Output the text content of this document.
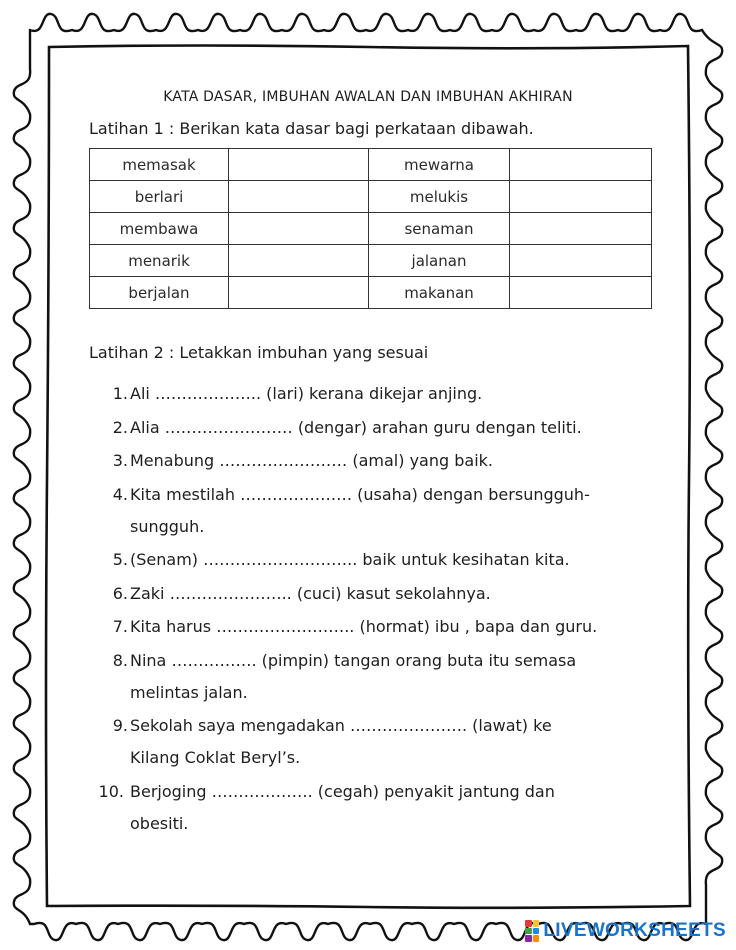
KATA DASAR, IMBUHAN AWALAN DAN IMBUHAN AKHIRAN
Latihan 1 : Berikan kata dasar bagi perkataan dibawah.
memasak		mewarna	
berlari		melukis	
membawa		senaman	
menarik		jalanan	
berjalan		makanan	
Latihan 2 : Letakkan imbuhan yang sesuai
1. Ali ……………….. (lari) kerana dikejar anjing.
2. Alia …………………… (dengar) arahan guru dengan teliti.
3. Menabung …………………… (amal) yang baik.
4. Kita mestilah ………………… (usaha) dengan bersungguh-
sungguh.
5. (Senam) ……………………….. baik untuk kesihatan kita.
6. Zaki ………………….. (cuci) kasut sekolahnya.
7. Kita harus …………………….. (hormat) ibu , bapa dan guru.
8. Nina ……………. (pimpin) tangan orang buta itu semasa
melintas jalan.
9. Sekolah saya mengadakan …………………. (lawat) ke
Kilang Coklat Beryl’s.
10. Berjoging ………………. (cegah) penyakit jantung dan
obesiti.
LIVEWORKSHEETS
